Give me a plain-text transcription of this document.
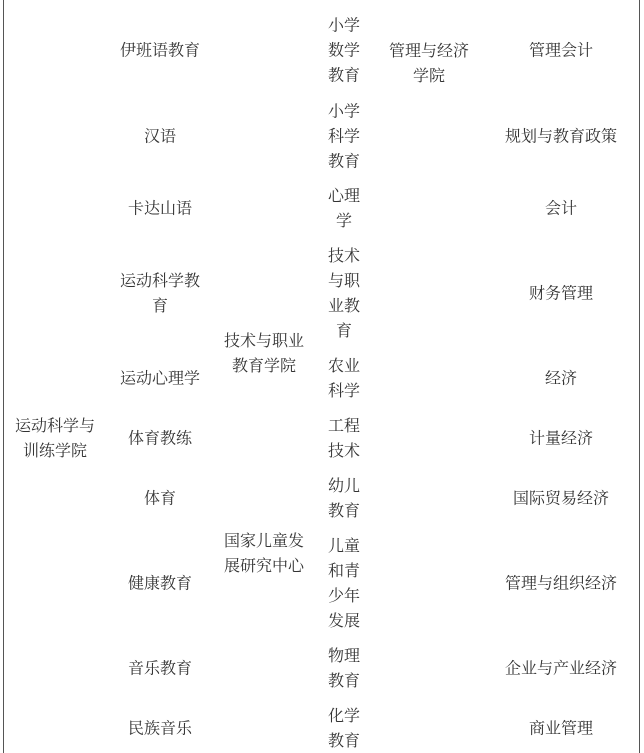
运动科学与
训练学院
伊班语教育
汉语
卡达山语
运动科学教
育
运动心理学
体育教练
体育
健康教育
音乐教育
民族音乐
技术与职业
教育学院
国家儿童发
展研究中心
小学
数学
教育
小学
科学
教育
心理
学
技术
与职
业教
育
农业
科学
工程
技术
幼儿
教育
儿童
和青
少年
发展
物理
教育
化学
教育
管理与经济
学院
管理会计
规划与教育政策
会计
财务管理
经济
计量经济
国际贸易经济
管理与组织经济
企业与产业经济
商业管理
